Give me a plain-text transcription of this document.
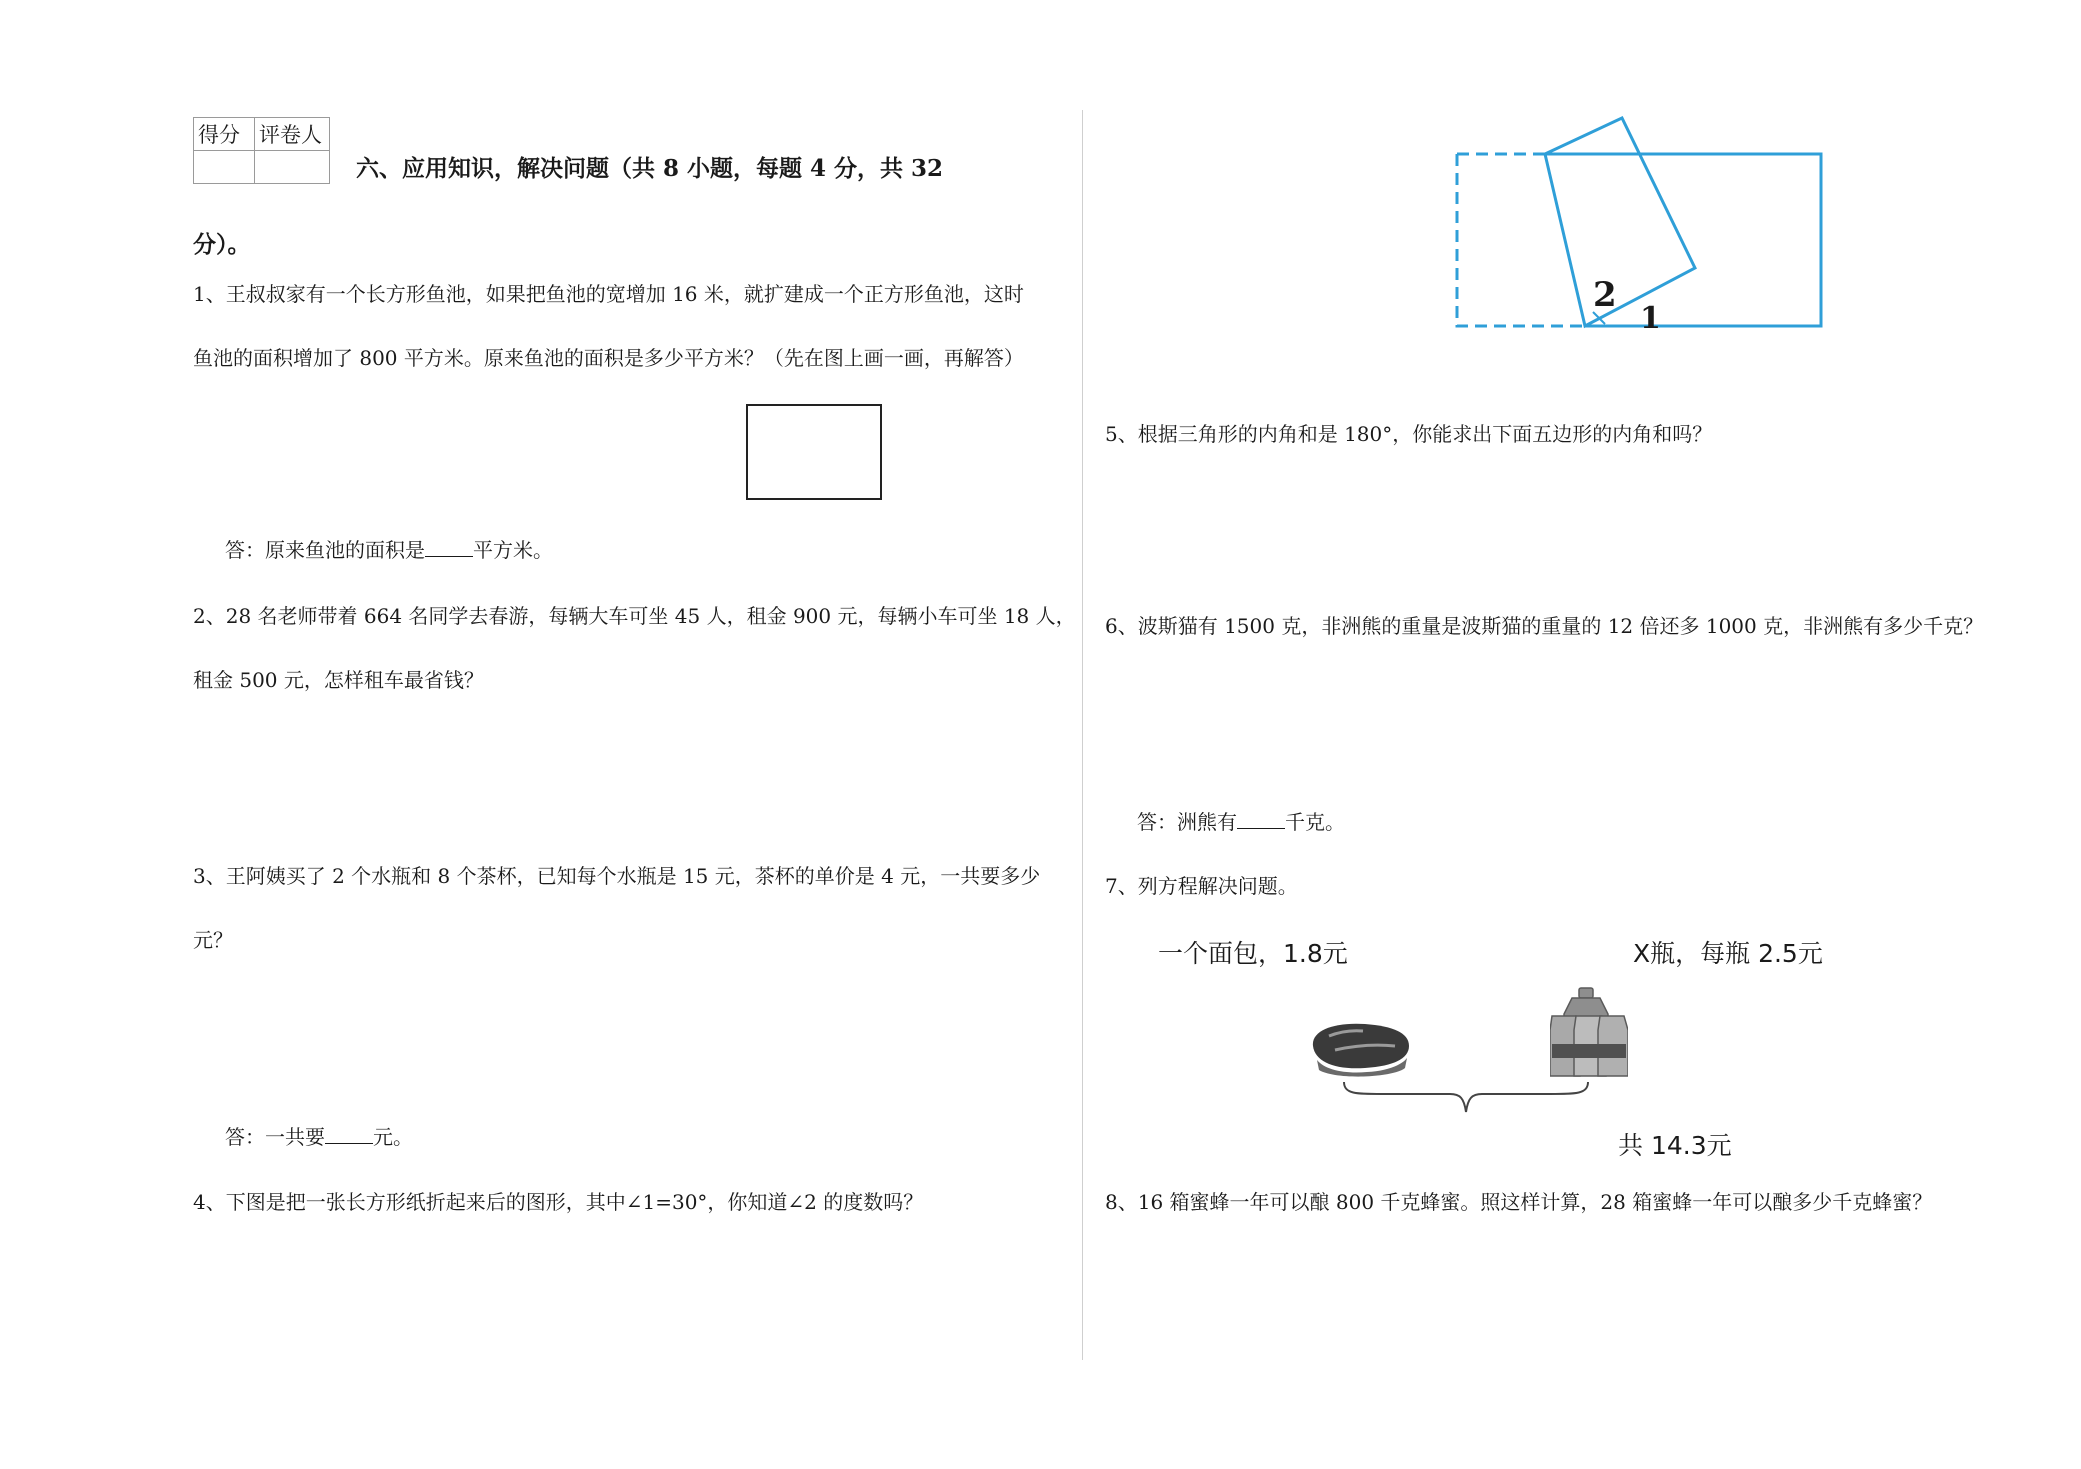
得分	评卷人

六、应用知识，解决问题（共 8 小题，每题 4 分，共 32
分）。
1、王叔叔家有一个长方形鱼池，如果把鱼池的宽增加 16 米，就扩建成一个正方形鱼池，这时
鱼池的面积增加了 800 平方米。原来鱼池的面积是多少平方米？（先在图上画一画，再解答）
答：原来鱼池的面积是 平方米。
2、28 名老师带着 664 名同学去春游，每辆大车可坐 45 人，租金 900 元，每辆小车可坐 18 人，
租金 500 元，怎样租车最省钱？
3、王阿姨买了 2 个水瓶和 8 个茶杯，已知每个水瓶是 15 元，茶杯的单价是 4 元，一共要多少
元？
答：一共要 元。
4、下图是把一张长方形纸折起来后的图形，其中∠1=30°，你知道∠2 的度数吗？
2
1
5、根据三角形的内角和是 180°，你能求出下面五边形的内角和吗？
6、波斯猫有 1500 克，非洲熊的重量是波斯猫的重量的 12 倍还多 1000 克，非洲熊有多少千克？
答：洲熊有 千克。
7、列方程解决问题。
一个面包，1.8元	X瓶，每瓶 2.5元
共 14.3元
8、16 箱蜜蜂一年可以酿 800 千克蜂蜜。照这样计算，28 箱蜜蜂一年可以酿多少千克蜂蜜？
